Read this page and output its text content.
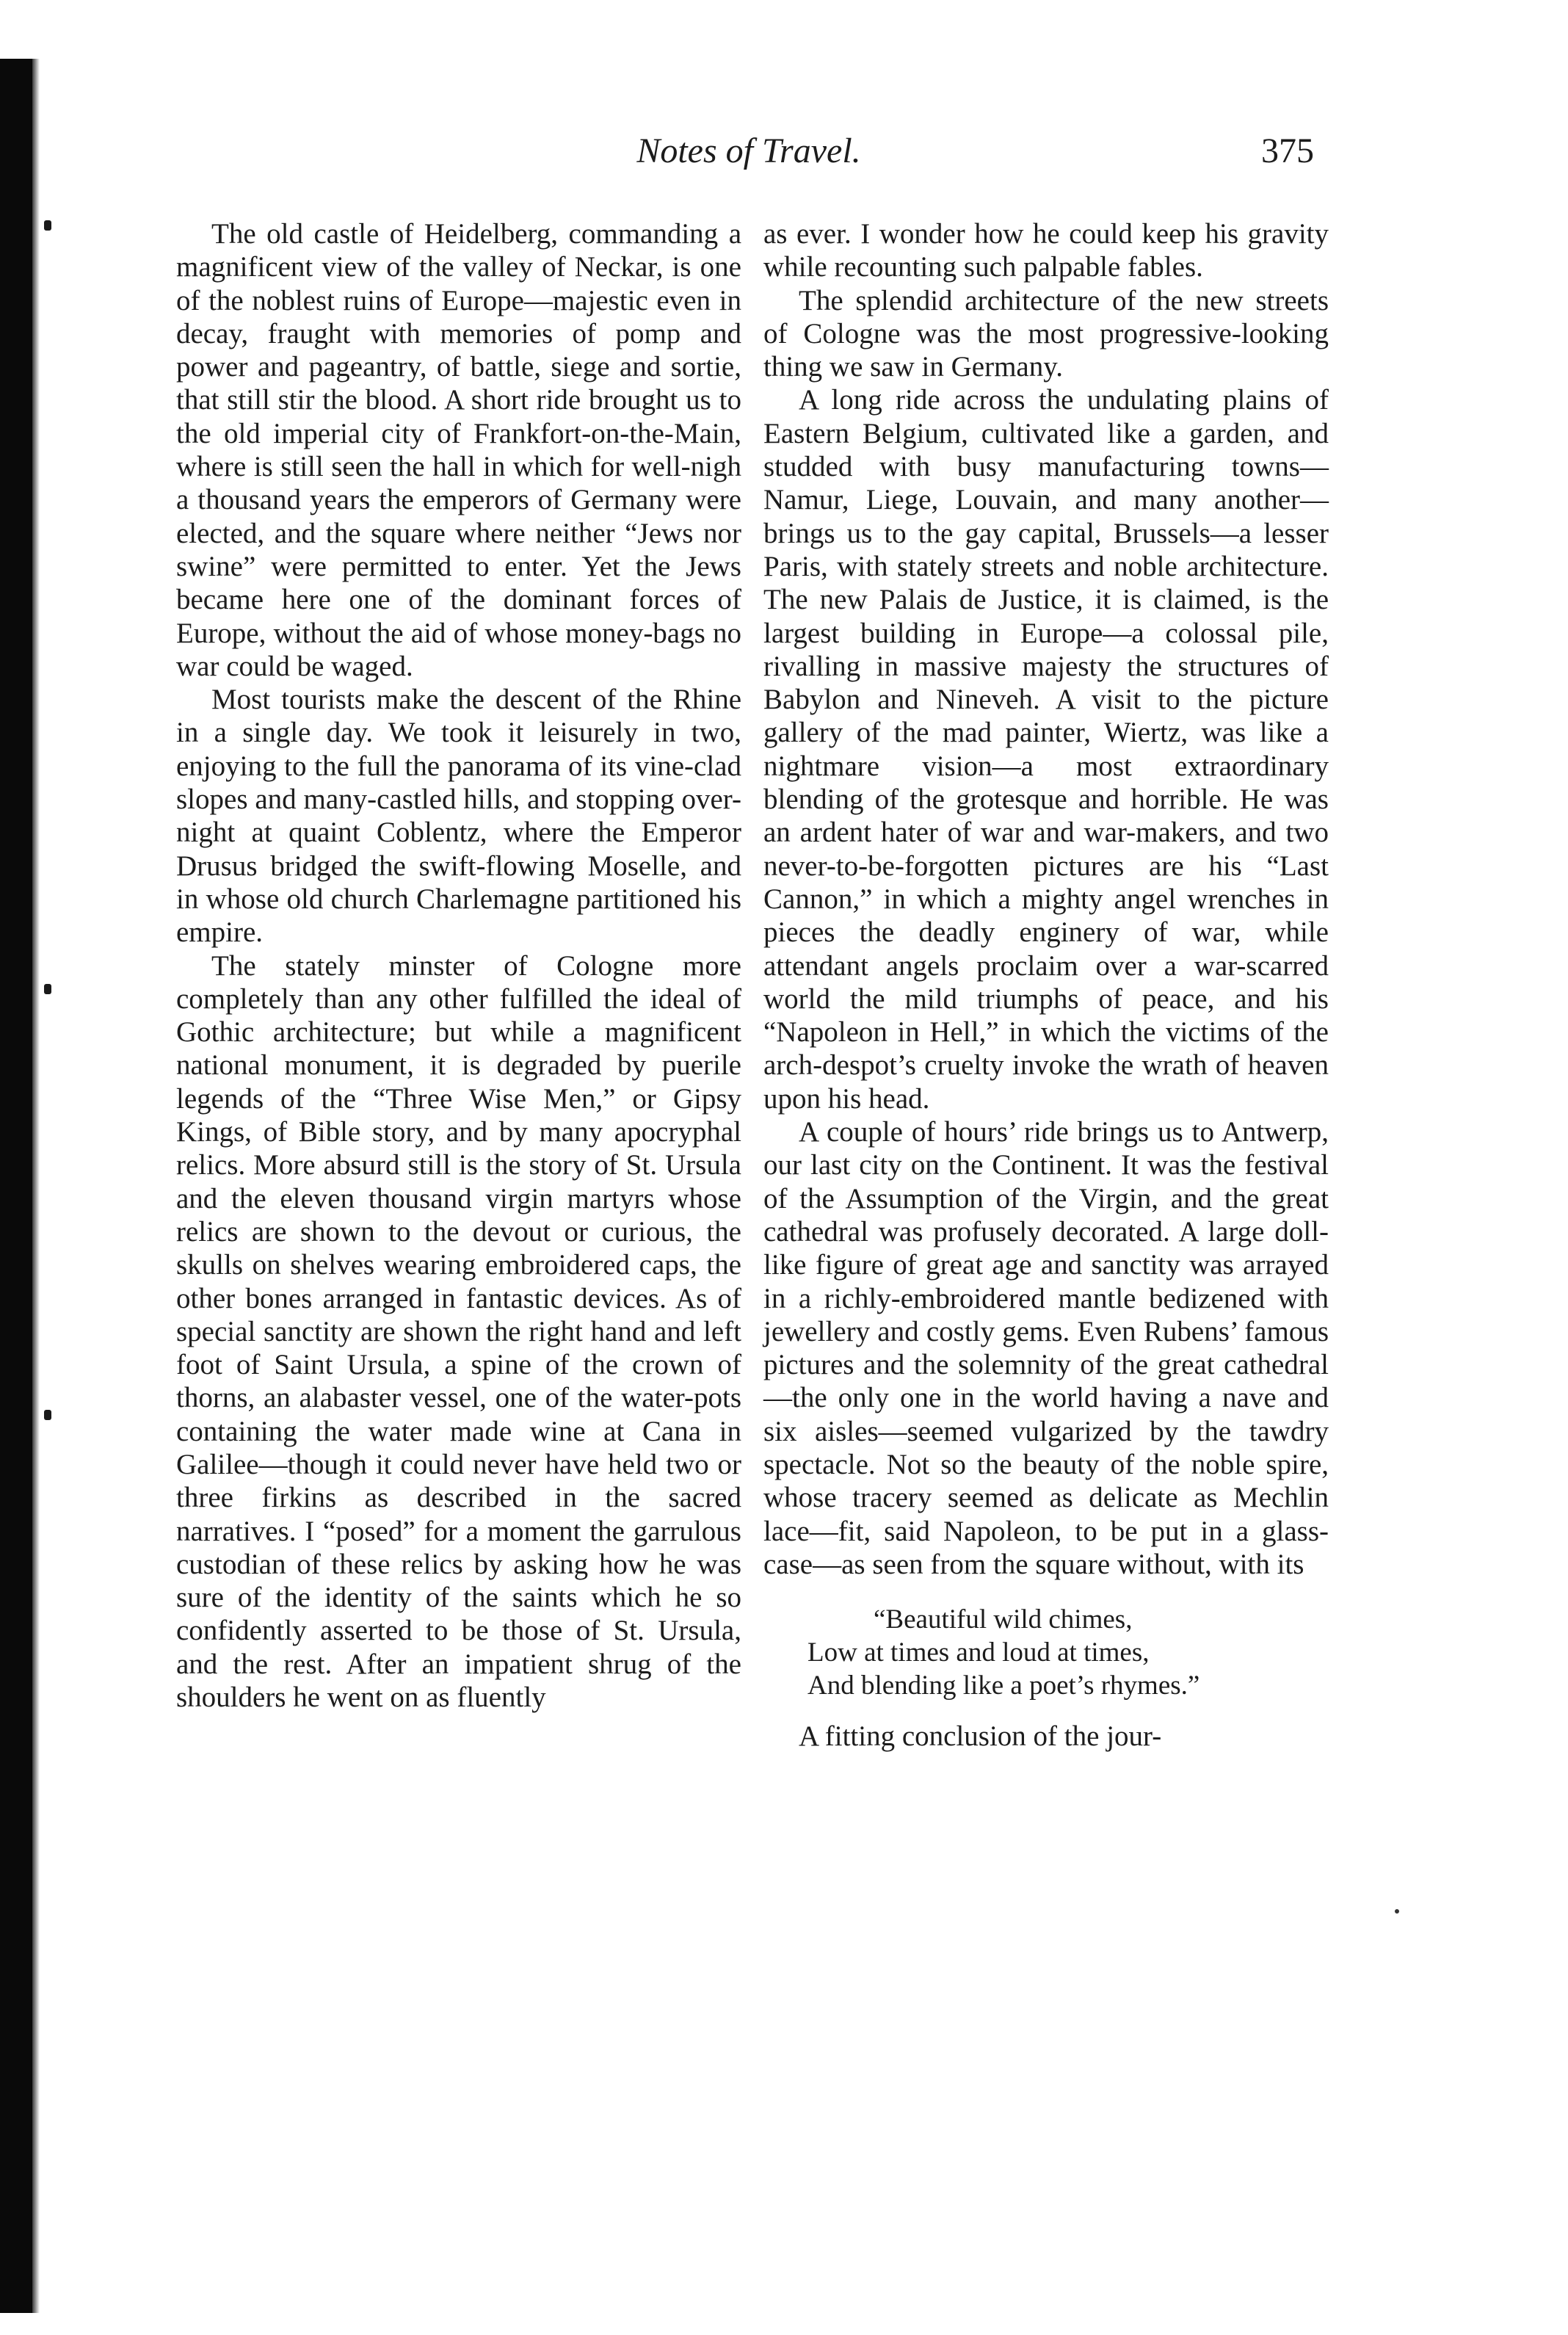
Notes of Travel.	375

The old castle of Heidelberg, commanding a magnificent view of the valley of Neckar, is one of the noblest ruins of Europe—majestic even in decay, fraught with memories of pomp and power and pageantry, of battle, siege and sortie, that still stir the blood. A short ride brought us to the old imperial city of Frankfort-on-the-Main, where is still seen the hall in which for well-nigh a thousand years the emperors of Germany were elected, and the square where neither “Jews nor swine” were permitted to enter. Yet the Jews became here one of the dominant forces of Europe, without the aid of whose money-bags no war could be waged.

Most tourists make the descent of the Rhine in a single day. We took it leisurely in two, enjoying to the full the panorama of its vine-clad slopes and many-castled hills, and stopping over-night at quaint Coblentz, where the Emperor Drusus bridged the swift-flowing Moselle, and in whose old church Charlemagne partitioned his empire.

The stately minster of Cologne more completely than any other fulfilled the ideal of Gothic architecture; but while a magnificent national monument, it is degraded by puerile legends of the “Three Wise Men,” or Gipsy Kings, of Bible story, and by many apocryphal relics. More absurd still is the story of St. Ursula and the eleven thousand virgin martyrs whose relics are shown to the devout or curious, the skulls on shelves wearing embroidered caps, the other bones arranged in fantastic devices. As of special sanctity are shown the right hand and left foot of Saint Ursula, a spine of the crown of thorns, an alabaster vessel, one of the water-pots containing the water made wine at Cana in Galilee—though it could never have held two or three firkins as described in the sacred narratives. I “posed” for a moment the garrulous custodian of these relics by asking how he was sure of the identity of the saints which he so confidently asserted to be those of St. Ursula, and the rest. After an impatient shrug of the shoulders he went on as fluently

as ever. I wonder how he could keep his gravity while recounting such palpable fables.

The splendid architecture of the new streets of Cologne was the most progressive-looking thing we saw in Germany.

A long ride across the undulating plains of Eastern Belgium, cultivated like a garden, and studded with busy manufacturing towns—Namur, Liege, Louvain, and many another—brings us to the gay capital, Brussels—a lesser Paris, with stately streets and noble architecture. The new Palais de Justice, it is claimed, is the largest building in Europe—a colossal pile, rivalling in massive majesty the structures of Babylon and Nineveh. A visit to the picture gallery of the mad painter, Wiertz, was like a nightmare vision—a most extraordinary blending of the grotesque and horrible. He was an ardent hater of war and war-makers, and two never-to-be-forgotten pictures are his “Last Cannon,” in which a mighty angel wrenches in pieces the deadly enginery of war, while attendant angels proclaim over a war-scarred world the mild triumphs of peace, and his “Napoleon in Hell,” in which the victims of the arch-despot’s cruelty invoke the wrath of heaven upon his head.

A couple of hours’ ride brings us to Antwerp, our last city on the Continent. It was the festival of the Assumption of the Virgin, and the great cathedral was profusely decorated. A large doll-like figure of great age and sanctity was arrayed in a richly-embroidered mantle bedizened with jewellery and costly gems. Even Rubens’ famous pictures and the solemnity of the great cathedral—the only one in the world having a nave and six aisles—seemed vulgarized by the tawdry spectacle. Not so the beauty of the noble spire, whose tracery seemed as delicate as Mechlin lace—fit, said Napoleon, to be put in a glass-case—as seen from the square without, with its

“Beautiful wild chimes,
Low at times and loud at times,
And blending like a poet’s rhymes.”

A fitting conclusion of the jour-
